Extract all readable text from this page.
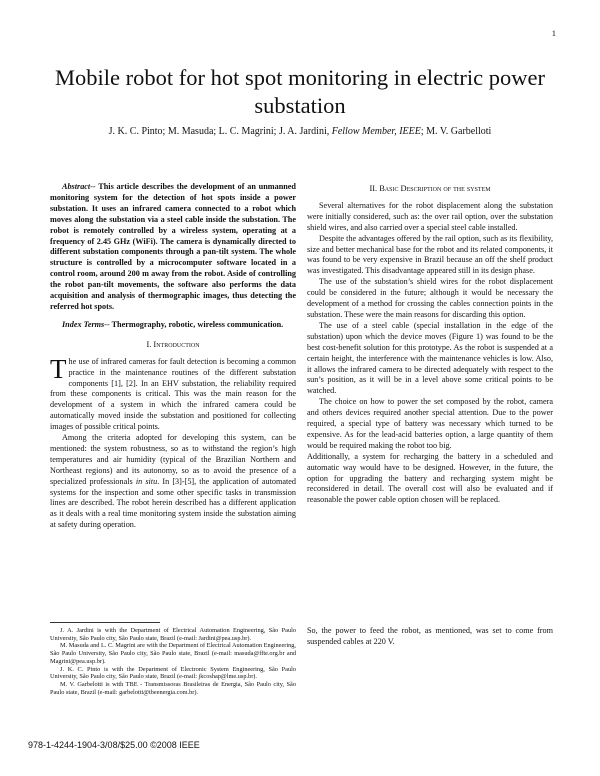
1
Mobile robot for hot spot monitoring in electric power substation
J. K. C. Pinto; M. Masuda; L. C. Magrini; J. A. Jardini, Fellow Member, IEEE; M. V. Garbelloti

Abstract-- This article describes the development of an unmanned monitoring system for the detection of hot spots inside a power substation. It uses an infrared camera connected to a robot which moves along the substation via a steel cable inside the substation. The robot is remotely controlled by a wireless system, operating at a frequency of 2.45 GHz (WiFi). The camera is dynamically directed to different substation components through a pan-tilt system. The whole structure is controlled by a microcomputer software located in a control room, around 200 m away from the robot. Aside of controlling the robot pan-tilt movements, the software also performs the data acquisition and analysis of thermographic images, thus detecting the referred hot spots.

Index Terms-- Thermography, robotic, wireless communication.

I. Introduction

The use of infrared cameras for fault detection is becoming a common practice in the maintenance routines of the different substation components [1], [2]. In an EHV substation, the reliability required from these components is critical. This was the main reason for the development of a system in which the infrared camera could be automatically moved inside the substation and positioned for collecting images of possible critical points.

Among the criteria adopted for developing this system, can be mentioned: the system robustness, so as to withstand the region’s high temperatures and air humidity (typical of the Brazilian Northern and Northeast regions) and its autonomy, so as to avoid the presence of a specialized professionals in situ. In [3]-[5], the application of automated systems for the inspection and some other specific tasks in transmission lines are described. The robot herein described has a different application as it deals with a real time monitoring system inside the substation aiming at safety during operation.

J. A. Jardini is with the Department of Electrical Automation Engineering, São Paulo University, São Paulo city, São Paulo state, Brazil (e-mail: Jardini@pea.usp.br).

M. Masuda and L. C. Magrini are with the Department of Electrical Automation Engineering, São Paulo University, São Paulo city, São Paulo state, Brazil (e-mail: masuda@ffte.org.br and Magrini@pea.usp.br).

J. K. C. Pinto is with the Department of Electronic System Engineering, São Paulo University, São Paulo city, São Paulo state, Brazil (e-mail: jkcoshap@lme.usp.br).

M. V. Garbelotti is with TBE - Transmissoras Brasileiras de Energia, São Paulo city, São Paulo state, Brazil (e-mail: garbelotti@tbeenergia.com.br).

978-1-4244-1904-3/08/$25.00 ©2008 IEEE
II. Basic Description of the system

Several alternatives for the robot displacement along the substation were initially considered, such as: the over rail option, over the substation shield wires, and also carried over a special steel cable installed.

Despite the advantages offered by the rail option, such as its flexibility, size and better mechanical base for the robot and its related components, it was found to be very expensive in Brazil because an off the shelf product was investigated. This disadvantage appeared still in its design phase.

The use of the substation’s shield wires for the robot displacement could be considered in the future; although it would be necessary the development of a method for crossing the cables connection points in the substation. These were the main reasons for discarding this option.

The use of a steel cable (special installation in the edge of the substation) upon which the device moves (Figure 1) was found to be the best cost-benefit solution for this prototype. As the robot is suspended at a certain height, the interference with the maintenance vehicles is low. Also, it allows the infrared camera to be directed adequately with respect to the sun’s position, as it will be in a level above some critical points to be watched.

The choice on how to power the set composed by the robot, camera and others devices required another special attention. Due to the power required, a special type of battery was necessary which turned to be expensive. As for the lead-acid batteries option, a large quantity of them would be required making the robot too big.

Additionally, a system for recharging the battery in a scheduled and automatic way would have to be designed. However, in the future, the option for upgrading the battery and recharging system might be reconsidered in detail. The overall cost will also be evaluated and if reasonable the power cable option chosen will be replaced.

So, the power to feed the robot, as mentioned, was set to come from suspended cables at 220 V.
